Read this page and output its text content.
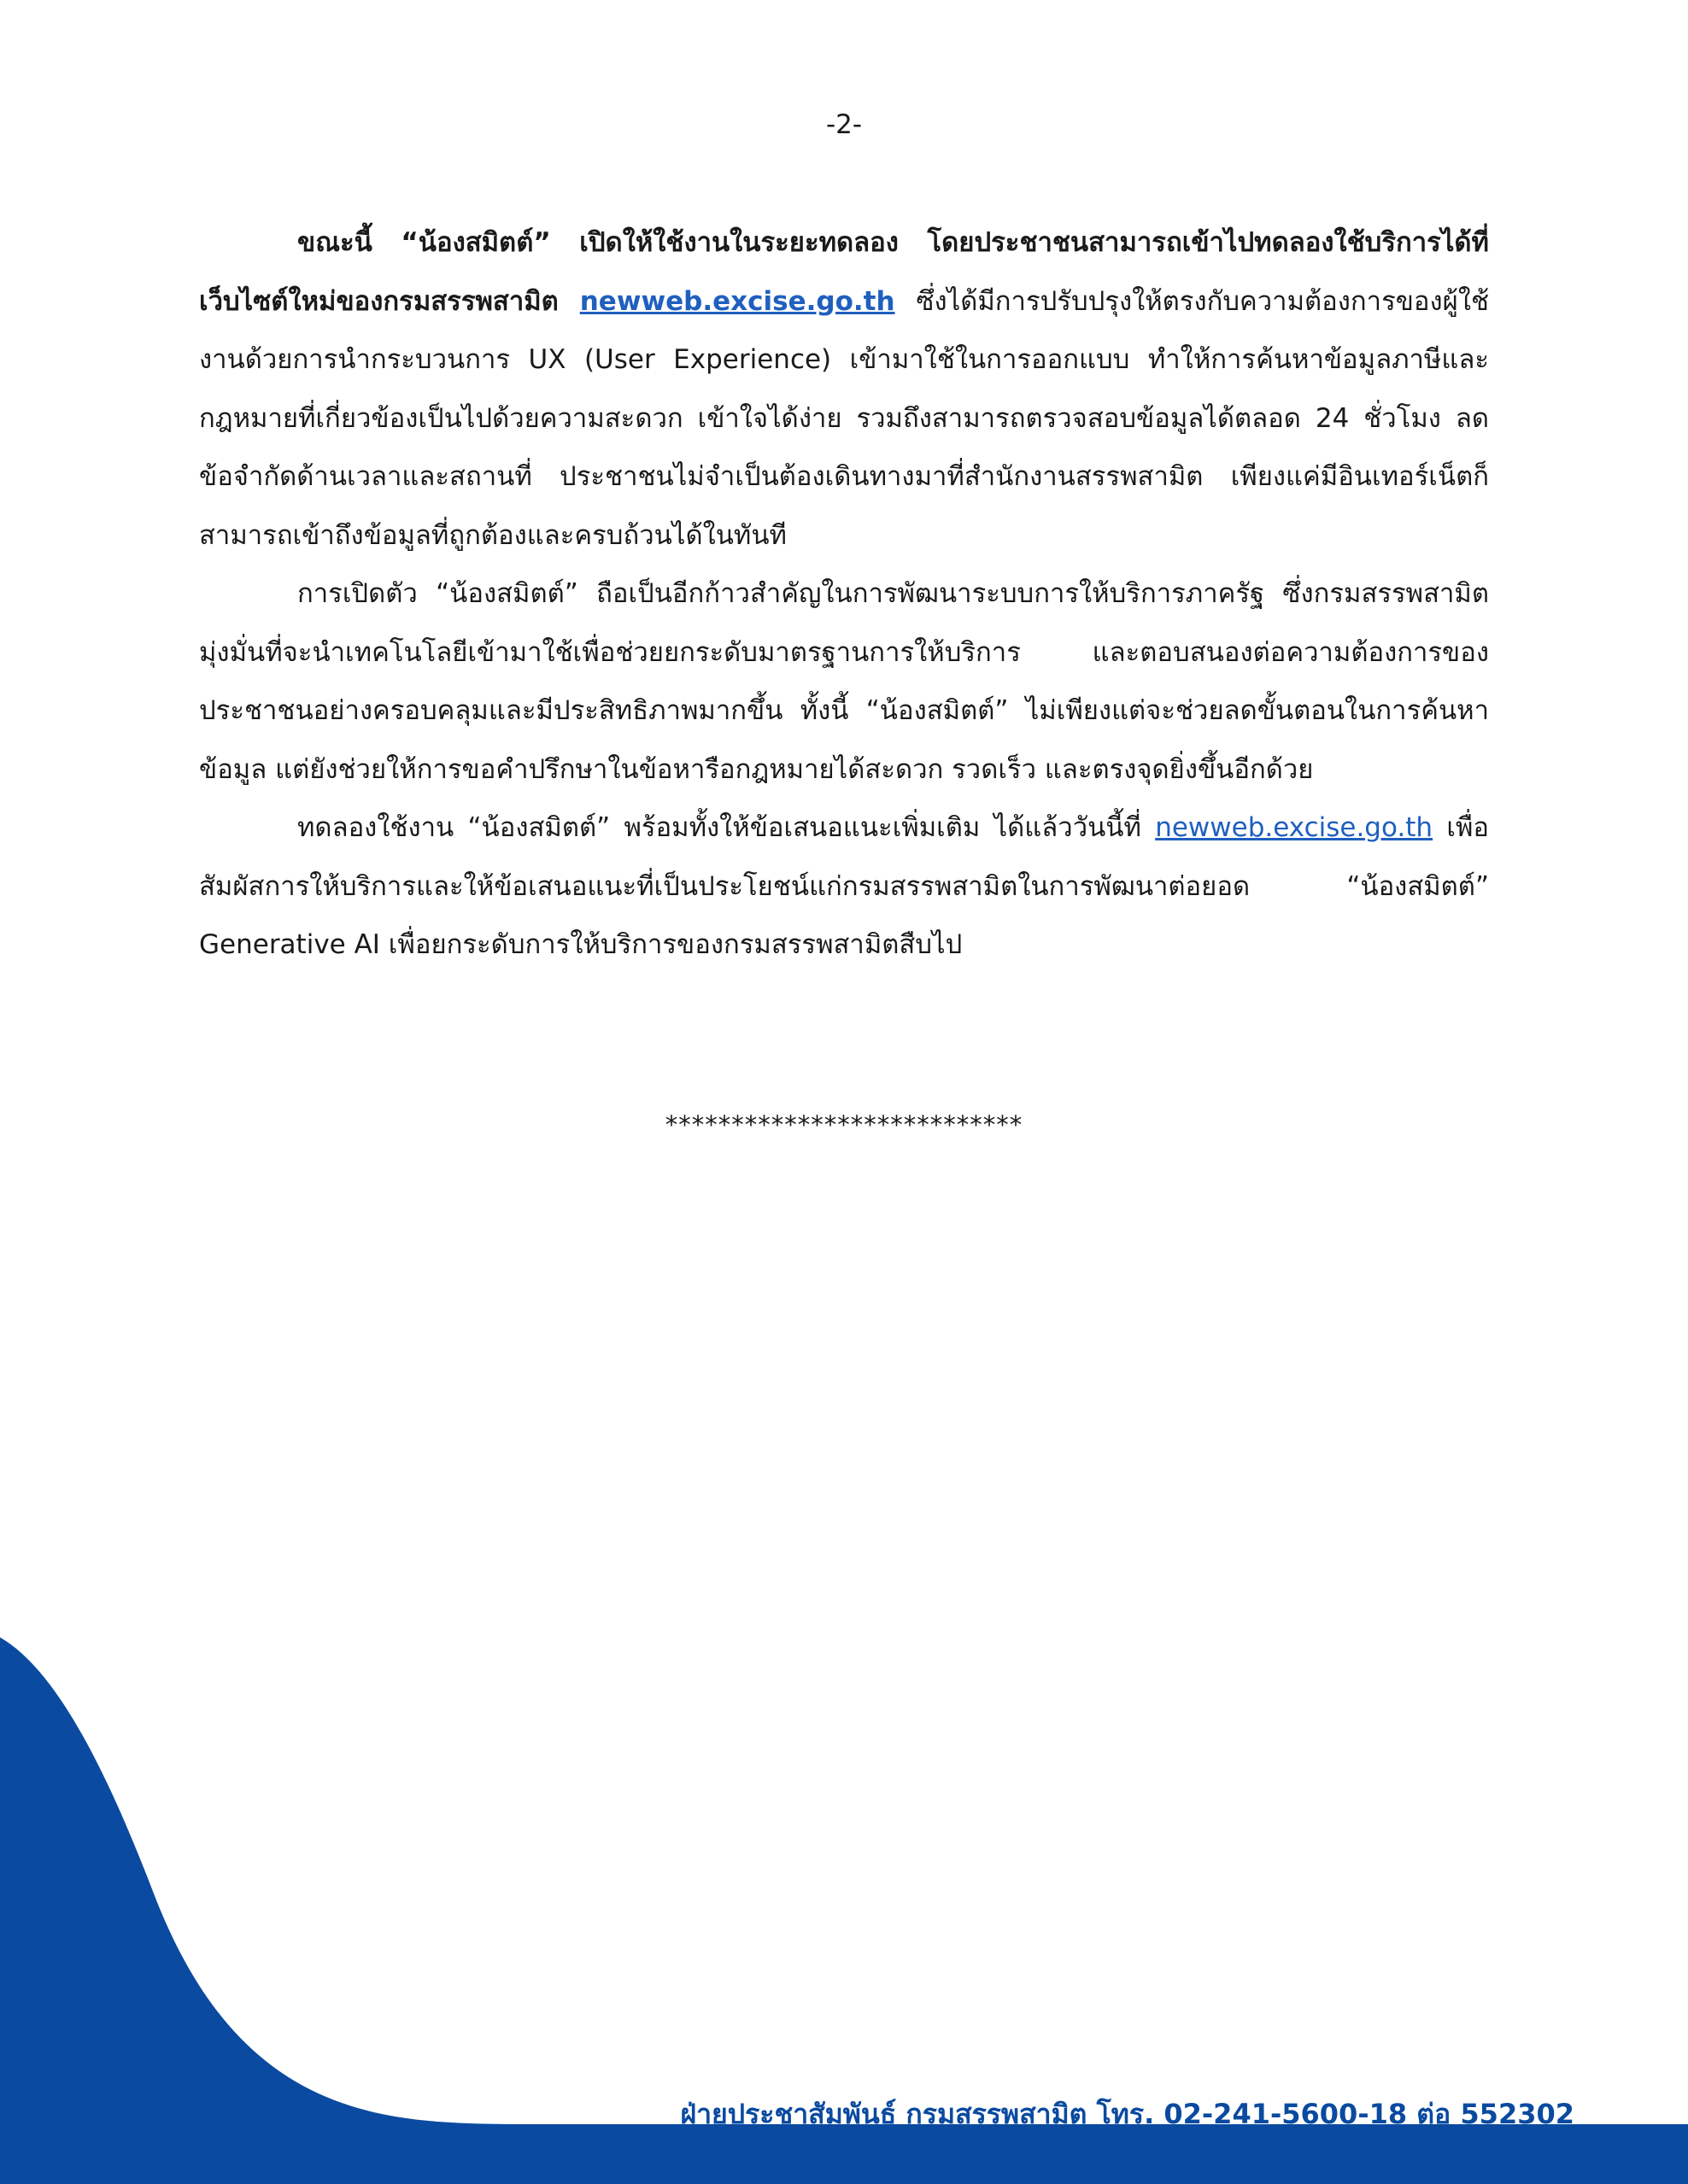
-2-

ขณะนี้ “น้องสมิตต์” เปิดให้ใช้งานในระยะทดลอง โดยประชาชนสามารถเข้าไปทดลองใช้บริการได้ที่เว็บไซต์ใหม่ของกรมสรรพสามิต newweb.excise.go.th ซึ่งได้มีการปรับปรุงให้ตรงกับความต้องการของผู้ใช้งานด้วยการนำกระบวนการ UX (User Experience) เข้ามาใช้ในการออกแบบ ทำให้การค้นหาข้อมูลภาษีและกฎหมายที่เกี่ยวข้องเป็นไปด้วยความสะดวก เข้าใจได้ง่าย รวมถึงสามารถตรวจสอบข้อมูลได้ตลอด 24 ชั่วโมง ลดข้อจำกัดด้านเวลาและสถานที่ ประชาชนไม่จำเป็นต้องเดินทางมาที่สำนักงานสรรพสามิต เพียงแค่มีอินเทอร์เน็ตก็สามารถเข้าถึงข้อมูลที่ถูกต้องและครบถ้วนได้ในทันที

การเปิดตัว “น้องสมิตต์” ถือเป็นอีกก้าวสำคัญในการพัฒนาระบบการให้บริการภาครัฐ ซึ่งกรมสรรพสามิตมุ่งมั่นที่จะนำเทคโนโลยีเข้ามาใช้เพื่อช่วยยกระดับมาตรฐานการให้บริการ และตอบสนองต่อความต้องการของประชาชนอย่างครอบคลุมและมีประสิทธิภาพมากขึ้น ทั้งนี้ “น้องสมิตต์” ไม่เพียงแต่จะช่วยลดขั้นตอนในการค้นหาข้อมูล แต่ยังช่วยให้การขอคำปรึกษาในข้อหารือกฎหมายได้สะดวก รวดเร็ว และตรงจุดยิ่งขึ้นอีกด้วย

ทดลองใช้งาน “น้องสมิตต์” พร้อมทั้งให้ข้อเสนอแนะเพิ่มเติม ได้แล้ววันนี้ที่ newweb.excise.go.th เพื่อสัมผัสการให้บริการและให้ข้อเสนอแนะที่เป็นประโยชน์แก่กรมสรรพสามิตในการพัฒนาต่อยอด “น้องสมิตต์” Generative AI เพื่อยกระดับการให้บริการของกรมสรรพสามิตสืบไป

***************************
ฝ่ายประชาสัมพันธ์ กรมสรรพสามิต โทร. 02-241-5600-18 ต่อ 552302
